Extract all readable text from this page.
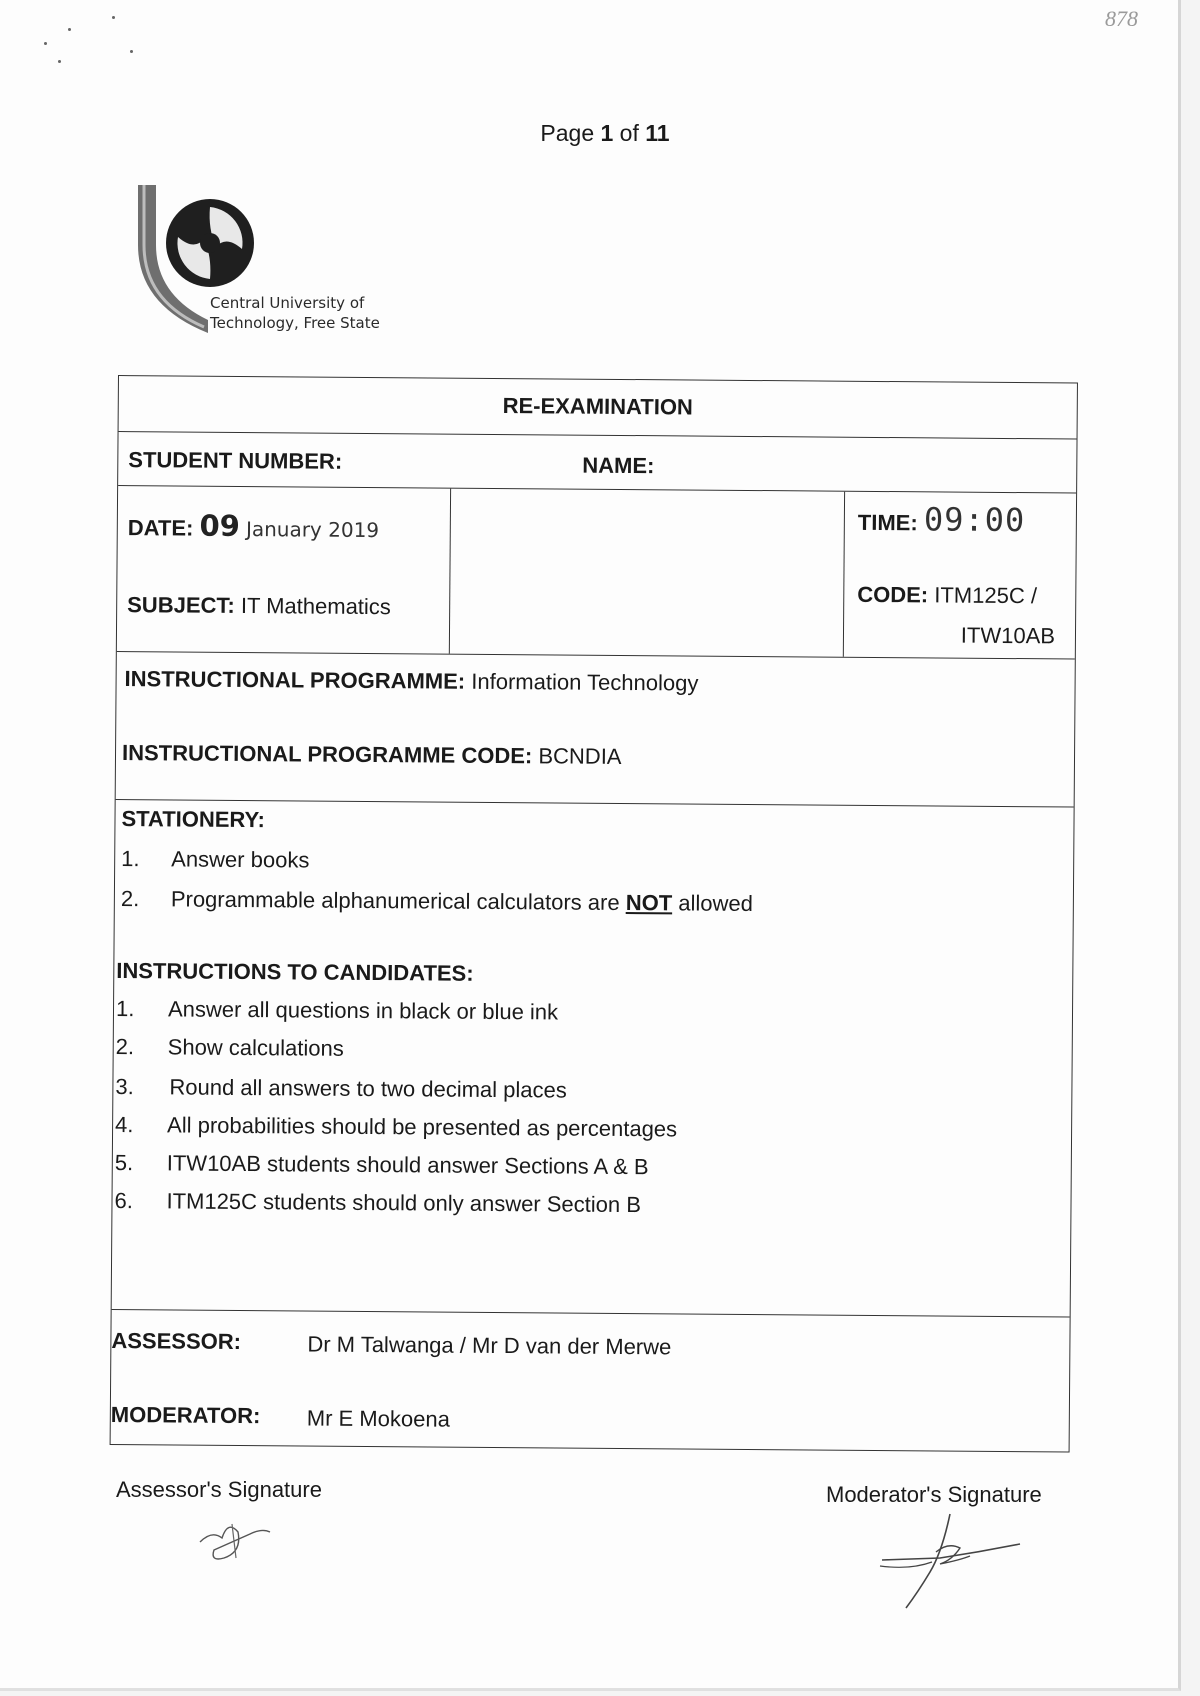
878
Page 1 of 11
Central University of
Technology, Free State
RE-EXAMINATION
STUDENT NUMBER:	NAME:
DATE: 09 January 2019
SUBJECT: IT Mathematics
TIME: 09:00
CODE: ITM125C /
ITW10AB
INSTRUCTIONAL PROGRAMME: Information Technology
INSTRUCTIONAL PROGRAMME CODE: BCNDIA
STATIONERY:
1. Answer books
2. Programmable alphanumerical calculators are NOT allowed
INSTRUCTIONS TO CANDIDATES:
1. Answer all questions in black or blue ink
2. Show calculations
3. Round all answers to two decimal places
4. All probabilities should be presented as percentages
5. ITW10AB students should answer Sections A & B
6. ITM125C students should only answer Section B
ASSESSOR:	Dr M Talwanga / Mr D van der Merwe
MODERATOR: Mr E Mokoena
Assessor's Signature	Moderator's Signature
